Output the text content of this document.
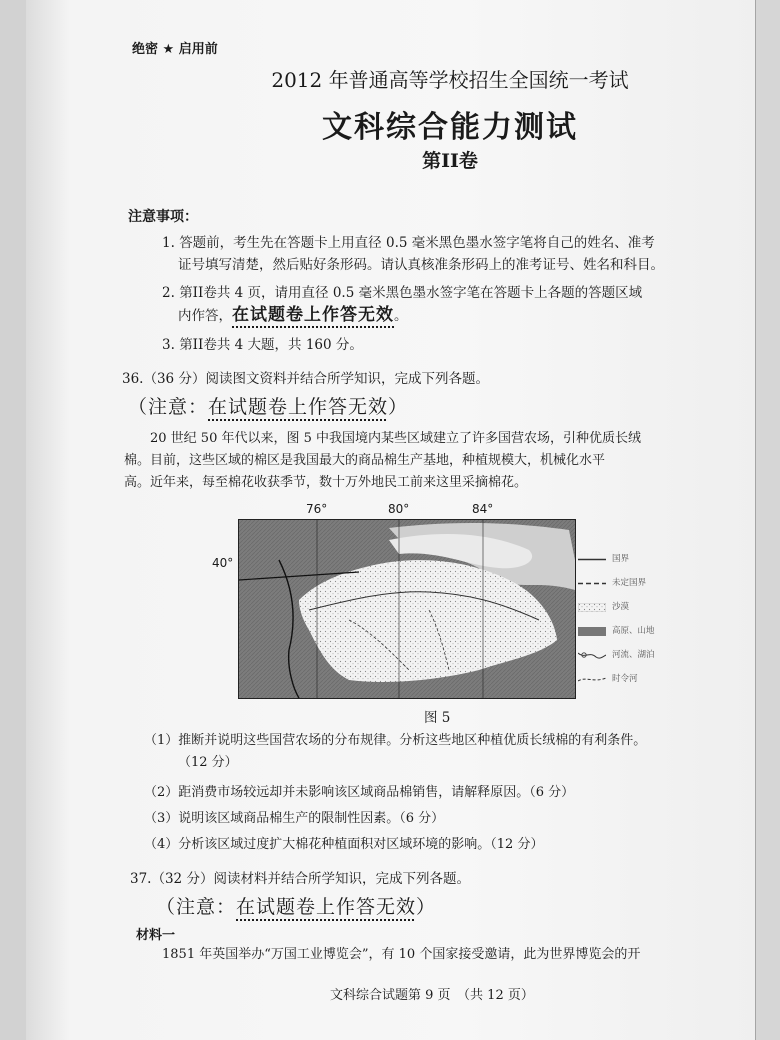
绝密 ★ 启用前
2012 年普通高等学校招生全国统一考试
文科综合能力测试
第II卷
注意事项：
1. 答题前，考生先在答题卡上用直径 0.5 毫米黑色墨水签字笔将自己的姓名、准考
证号填写清楚，然后贴好条形码。请认真核准条形码上的准考证号、姓名和科目。
2. 第II卷共 4 页，请用直径 0.5 毫米黑色墨水签字笔在答题卡上各题的答题区域
内作答，在试题卷上作答无效。
3. 第II卷共 4 大题，共 160 分。
36.（36 分）阅读图文资料并结合所学知识，完成下列各题。
（注意：在试题卷上作答无效）
20 世纪 50 年代以来，图 5 中我国境内某些区域建立了许多国营农场，引种优质长绒
棉。目前，这些区域的棉区是我国最大的商品棉生产基地，种植规模大，机械化水平
高。近年来，每至棉花收获季节，数十万外地民工前来这里采摘棉花。
76°	80°	84°
40°	国界
未定国界
沙漠
高原、山地
河流、湖泊
时令河
图 5
（1）推断并说明这些国营农场的分布规律。分析这些地区种植优质长绒棉的有利条件。
（12 分）
（2）距消费市场较远却并未影响该区域商品棉销售，请解释原因。（6 分）
（3）说明该区域商品棉生产的限制性因素。（6 分）
（4）分析该区域过度扩大棉花种植面积对区域环境的影响。（12 分）
37.（32 分）阅读材料并结合所学知识，完成下列各题。
（注意：在试题卷上作答无效）
材料一
1851 年英国举办“万国工业博览会”，有 10 个国家接受邀请，此为世界博览会的开
文科综合试题第 9 页　（共 12 页）
